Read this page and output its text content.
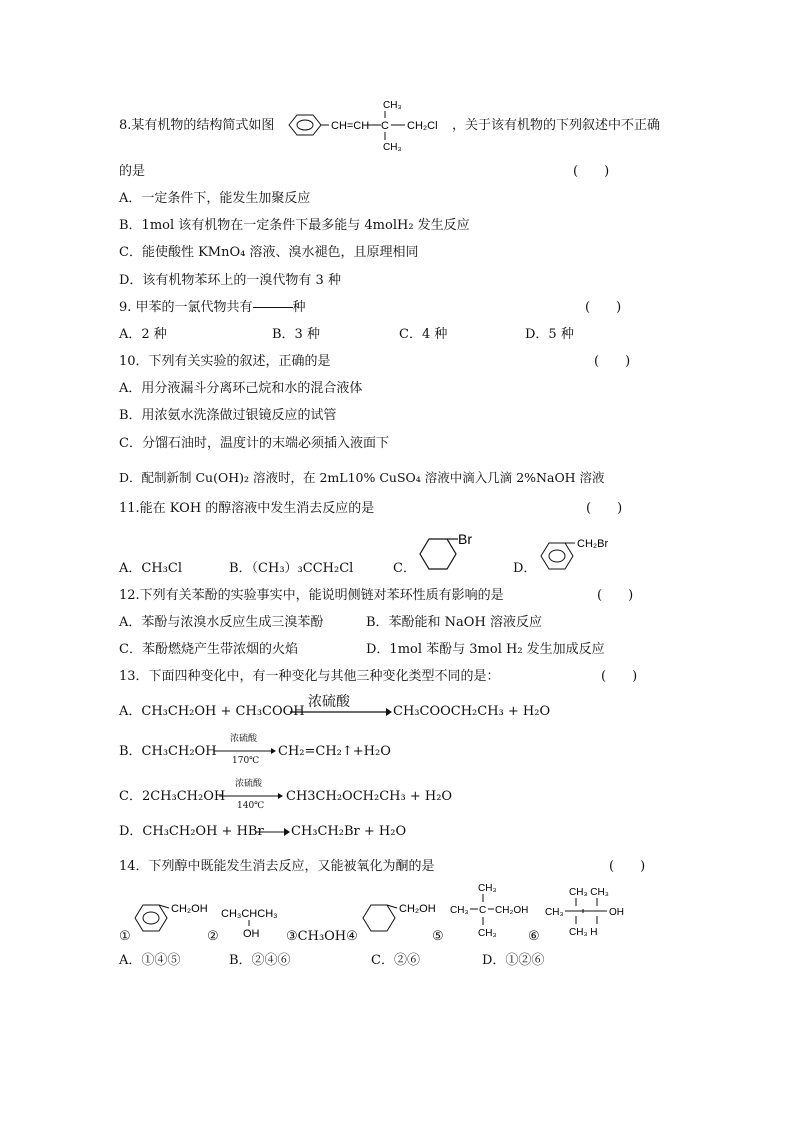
8.某有机物的结构简式如图	CH=CH C
CH₃
CH₃
CH₂Cl ，关于该有机物的下列叙述中不正确
的是	(　　)
A．一定条件下，能发生加聚反应
B．1mol 该有机物在一定条件下最多能与 4molH₂ 发生反应
C．能使酸性 KMnO₄ 溶液、溴水褪色，且原理相同
D．该有机物苯环上的一溴代物有 3 种
9. 甲苯的一氯代物共有	种	(　　)
A．2 种	B．3 种	C．4 种	D．5 种
10．下列有关实验的叙述，正确的是	(　　)
A．用分液漏斗分离环己烷和水的混合液体
B．用浓氨水洗涤做过银镜反应的试管
C．分馏石油时，温度计的末端必须插入液面下
D．配制新制 Cu(OH)₂ 溶液时，在 2mL10% CuSO₄ 溶液中滴入几滴 2%NaOH 溶液
11.能在 KOH 的醇溶液中发生消去反应的是	(　　)
A．CH₃Cl	B．（CH₃）₃CCH₂Cl	C．
Br
D．
CH₂Br
12.下列有关苯酚的实验事实中，能说明侧链对苯环性质有影响的是	(　　)
A．苯酚与浓溴水反应生成三溴苯酚	B．苯酚能和 NaOH 溶液反应
C．苯酚燃烧产生带浓烟的火焰	D．1mol 苯酚与 3mol H₂ 发生加成反应
13．下面四种变化中，有一种变化与其他三种变化类型不同的是：	(　　)
A．CH₃CH₂OH + CH₃COOH
浓硫酸
CH₃COOCH₂CH₃ + H₂O
B．CH₃CH₂OH
浓硫酸
170℃
CH₂=CH₂↑+H₂O
C．2CH₃CH₂OH
浓硫酸
140℃
CH3CH₂OCH₂CH₃ + H₂O
D．CH₃CH₂OH + HBr CH₃CH₂Br + H₂O
14．下列醇中既能发生消去反应，又能被氧化为酮的是	(　　)
①
CH₂OH
②
CH₃CHCH₃
OH ③CH₃OH④
CH₂OH
⑤
CH₃
CH₃ C CH₂OH
CH₃ ⑥
CH₃ CH₃
CH₃	OH
CH₃ H
A．①④⑤	B．②④⑥	C．②⑥	D．①②⑥
